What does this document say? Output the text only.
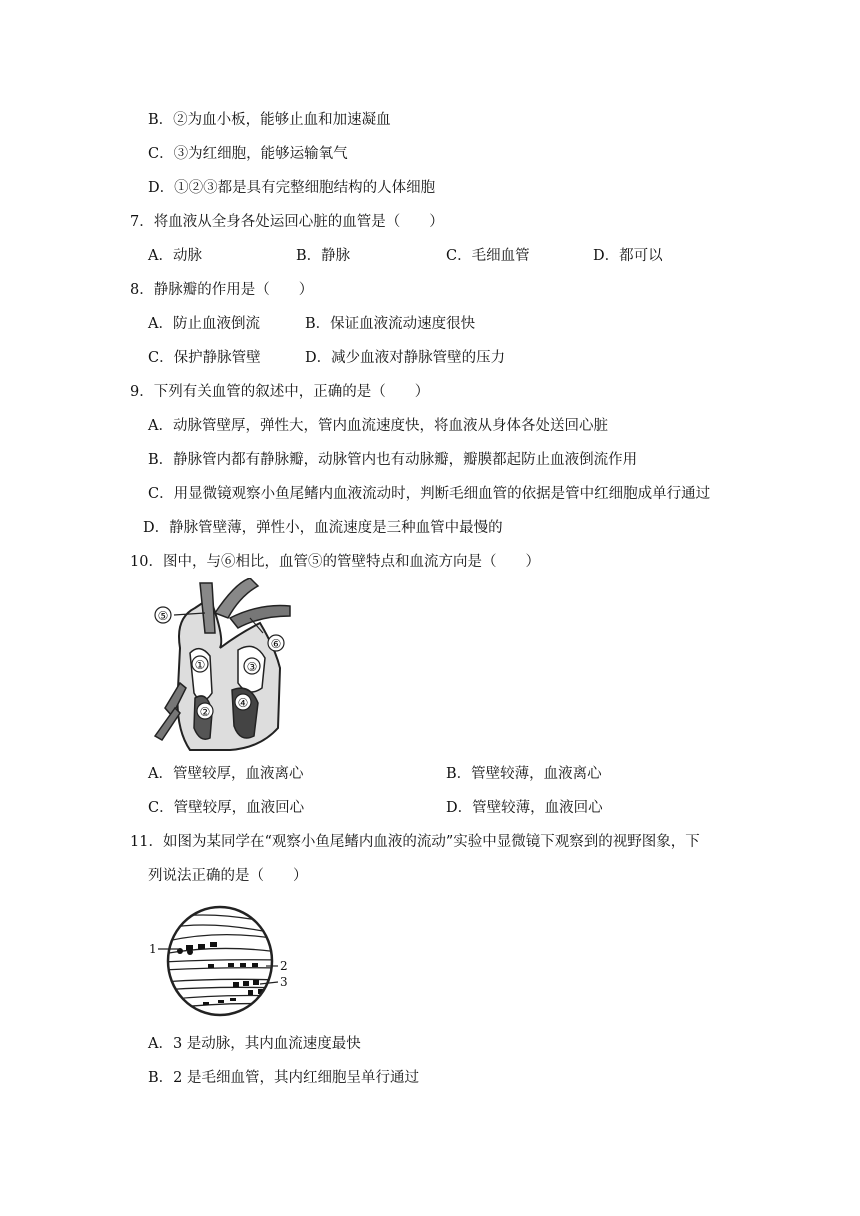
B．②为血小板，能够止血和加速凝血
C．③为红细胞，能够运输氧气
D．①②③都是具有完整细胞结构的人体细胞
7．将血液从全身各处运回心脏的血管是（　　）
A．动脉	B．静脉	C．毛细血管	D．都可以
8．静脉瓣的作用是（　　）
A．防止血液倒流	B．保证血液流动速度很快
C．保护静脉管壁	D．减少血液对静脉管壁的压力
9．下列有关血管的叙述中，正确的是（　　）
A．动脉管壁厚，弹性大，管内血流速度快，将血液从身体各处送回心脏
B．静脉管内都有静脉瓣，动脉管内也有动脉瓣，瓣膜都起防止血液倒流作用
C．用显微镜观察小鱼尾鳍内血液流动时，判断毛细血管的依据是管中红细胞成单行通过
D．静脉管壁薄，弹性小，血流速度是三种血管中最慢的
10．图中，与⑥相比，血管⑤的管壁特点和血流方向是（　　）
⑤
⑥
①	③
②
④
A．管壁较厚，血液离心	B．管壁较薄，血液离心
C．管壁较厚，血液回心	D．管壁较薄，血液回心
11．如图为某同学在“观察小鱼尾鳍内血液的流动”实验中显微镜下观察到的视野图象，下
列说法正确的是（　　）
1
2
3
A．3 是动脉，其内血流速度最快
B．2 是毛细血管，其内红细胞呈单行通过
